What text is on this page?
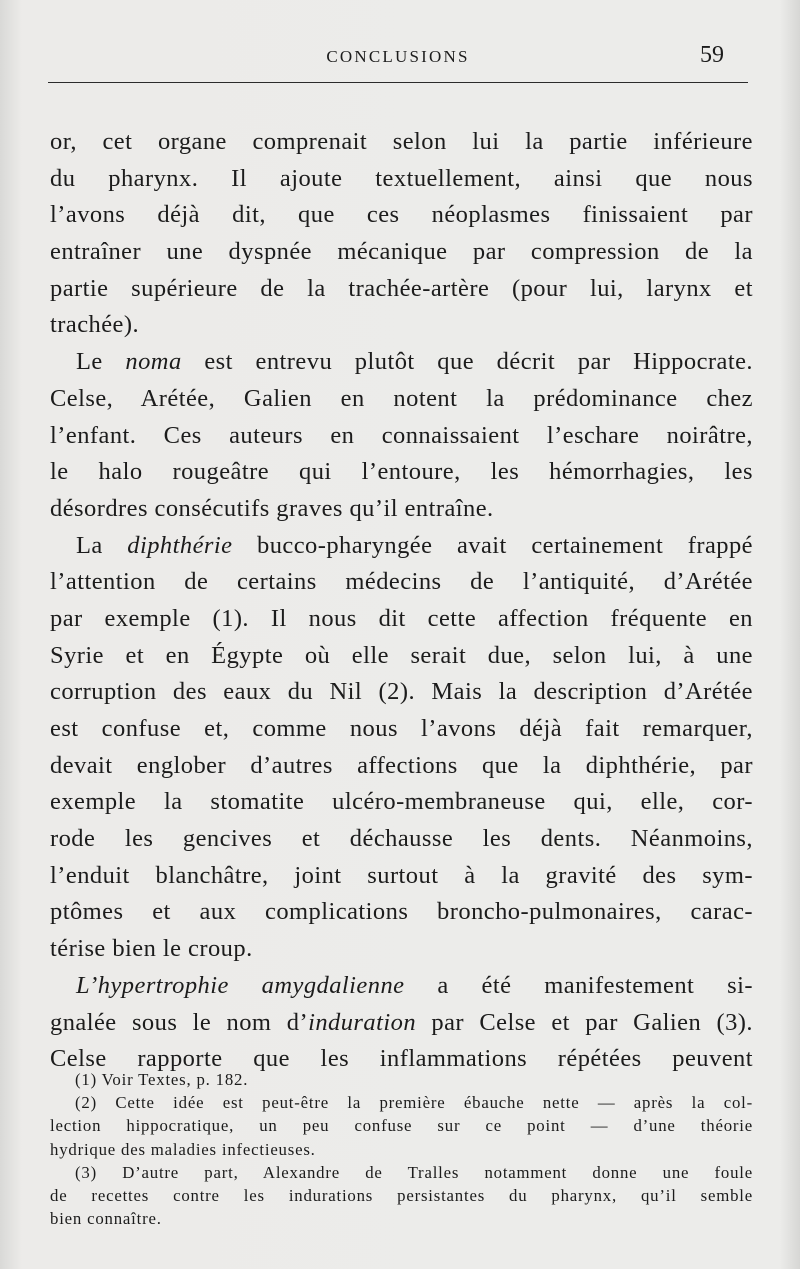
CONCLUSIONS	59
or, cet organe comprenait selon lui la partie inférieure
du pharynx. Il ajoute textuellement, ainsi que nous
l’avons déjà dit, que ces néoplasmes finissaient par
entraîner une dyspnée mécanique par compression de la
partie supérieure de la trachée-artère (pour lui, larynx et
trachée).
Le noma est entrevu plutôt que décrit par Hippocrate.
Celse, Arétée, Galien en notent la prédominance chez
l’enfant. Ces auteurs en connaissaient l’eschare noirâtre,
le halo rougeâtre qui l’entoure, les hémorrhagies, les
désordres consécutifs graves qu’il entraîne.
La diphthérie bucco-pharyngée avait certainement frappé
l’attention de certains médecins de l’antiquité, d’Arétée
par exemple (1). Il nous dit cette affection fréquente en
Syrie et en Égypte où elle serait due, selon lui, à une
corruption des eaux du Nil (2). Mais la description d’Arétée
est confuse et, comme nous l’avons déjà fait remarquer,
devait englober d’autres affections que la diphthérie, par
exemple la stomatite ulcéro-membraneuse qui, elle, cor-
rode les gencives et déchausse les dents. Néanmoins,
l’enduit blanchâtre, joint surtout à la gravité des sym-
ptômes et aux complications broncho-pulmonaires, carac-
térise bien le croup.
L’hypertrophie amygdalienne a été manifestement si-
gnalée sous le nom d’induration par Celse et par Galien (3).
Celse rapporte que les inflammations répétées peuvent
(1) Voir Textes, p. 182.
(2) Cette idée est peut-être la première ébauche nette — après la col-
lection hippocratique, un peu confuse sur ce point — d’une théorie
hydrique des maladies infectieuses.
(3) D’autre part, Alexandre de Tralles notamment donne une foule
de recettes contre les indurations persistantes du pharynx, qu’il semble
bien connaître.
